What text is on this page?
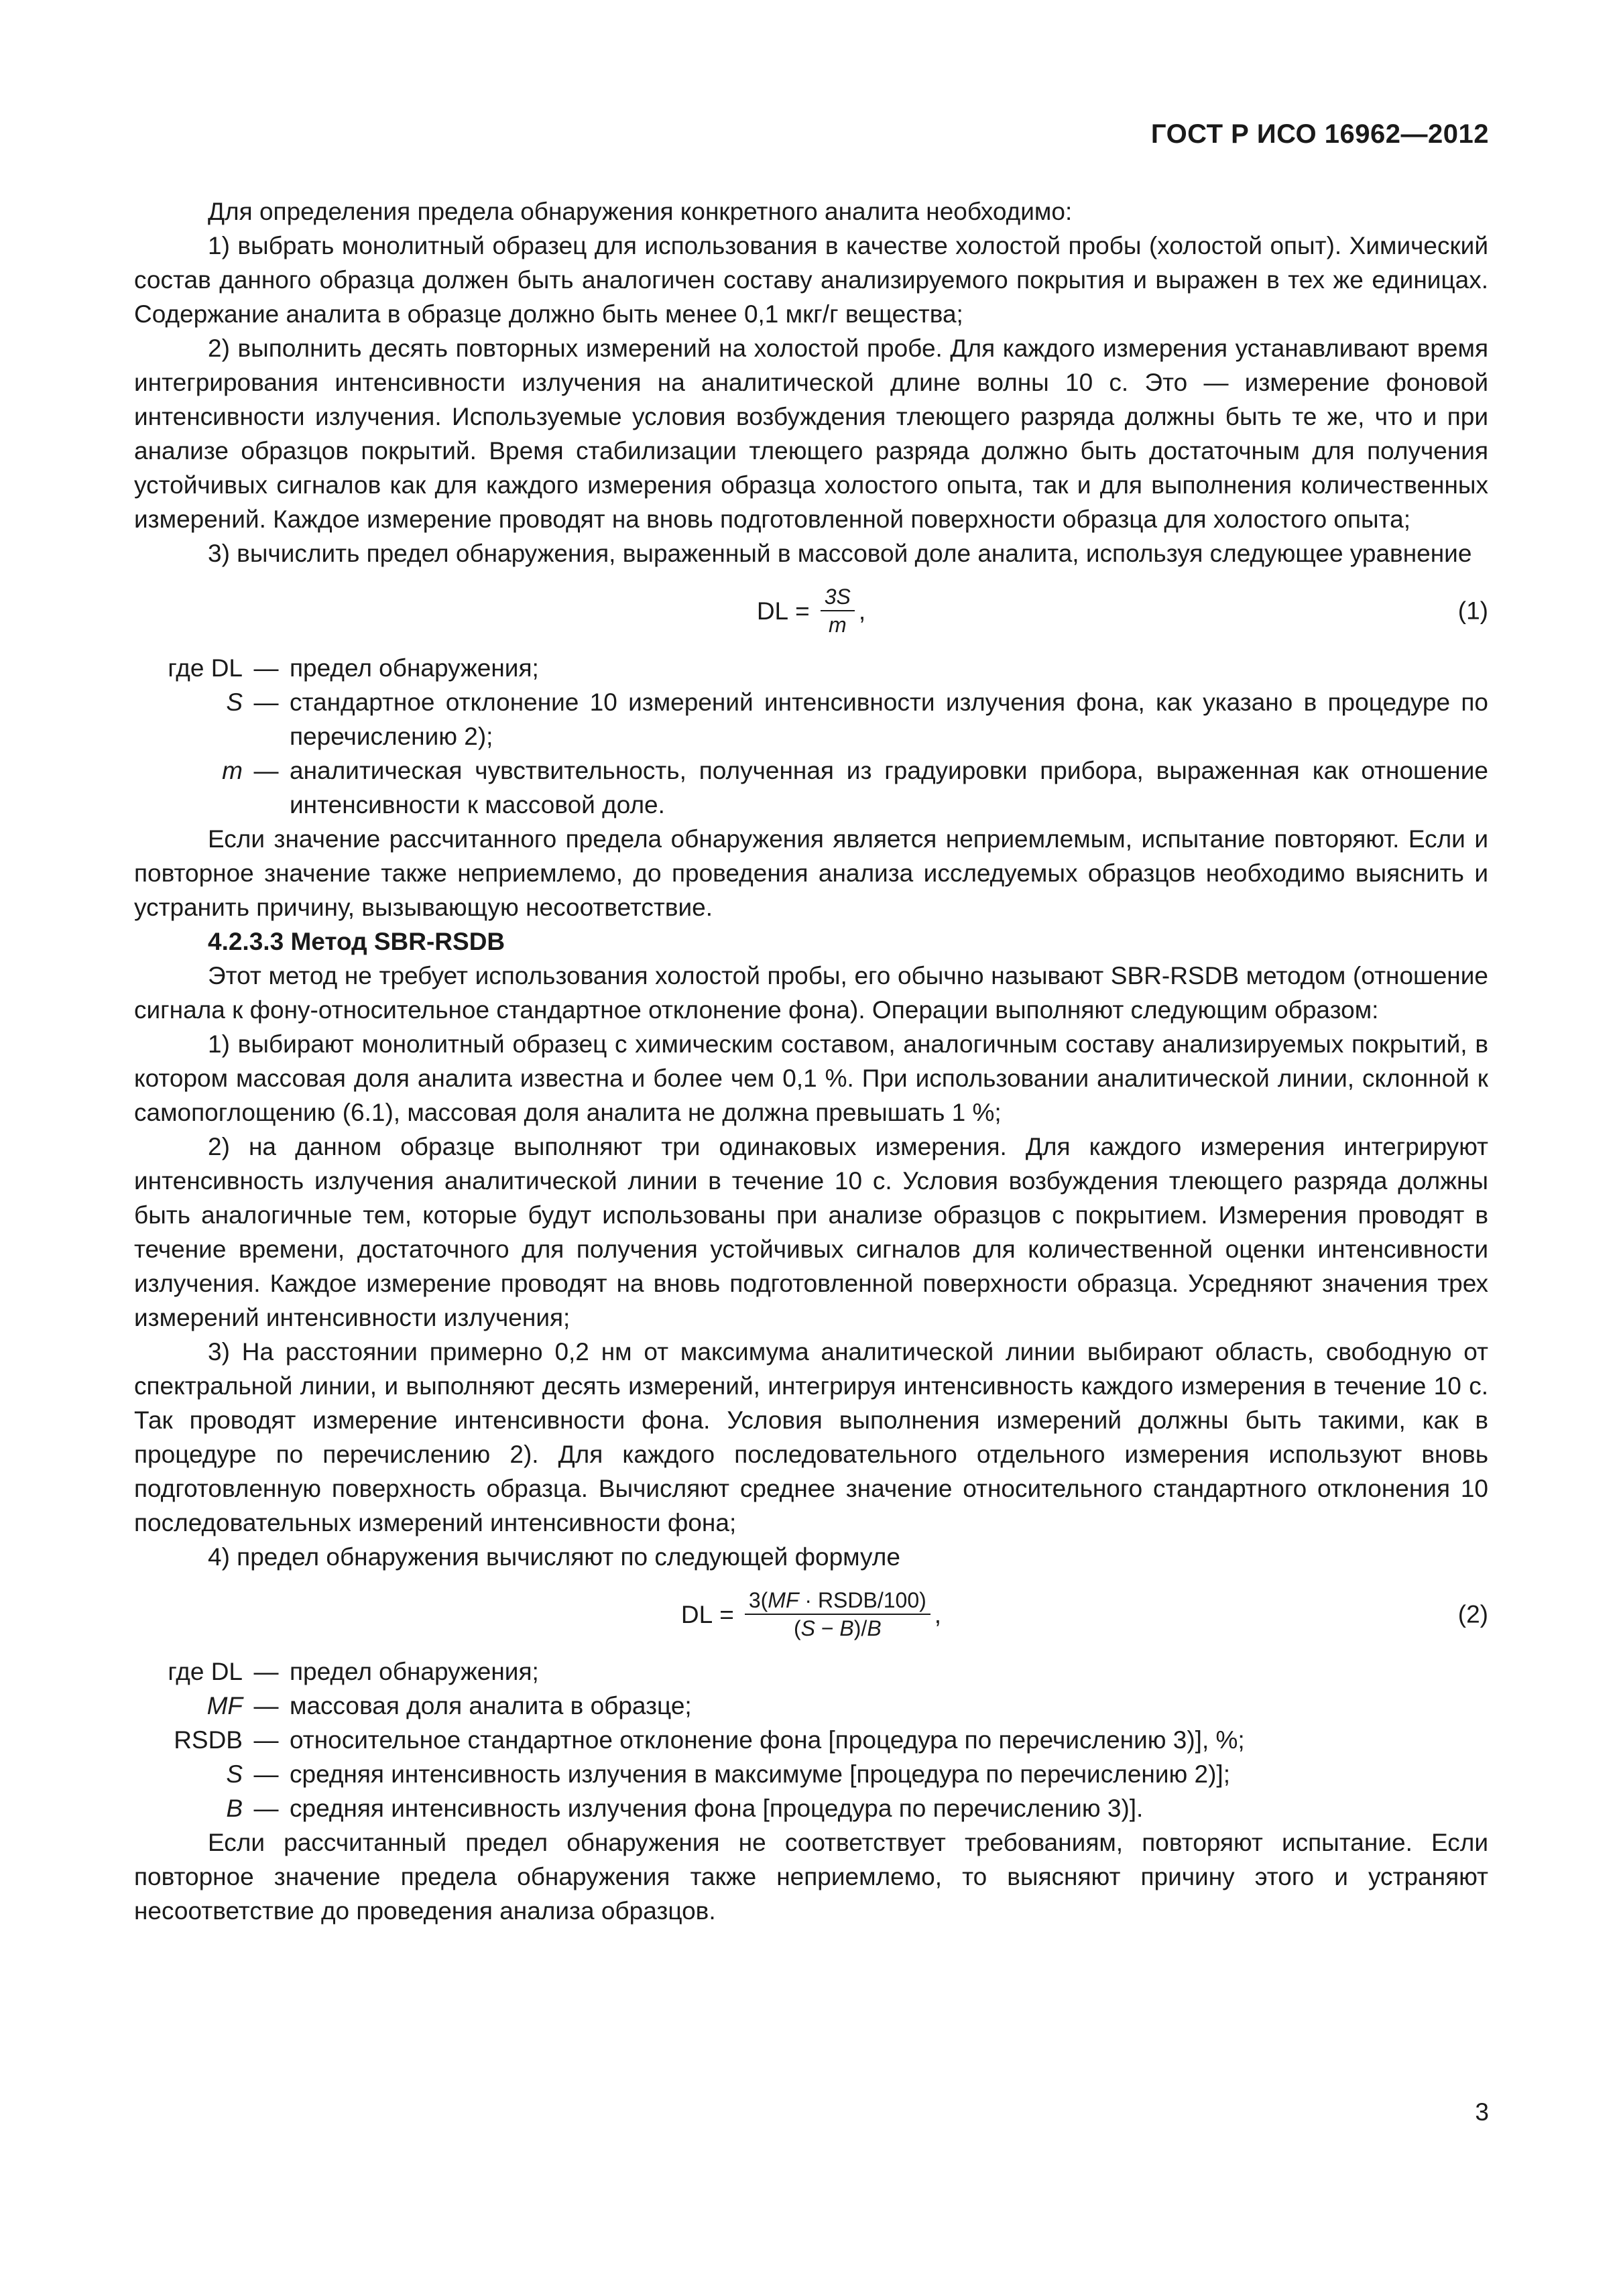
ГОСТ Р ИСО 16962—2012

Для определения предела обнаружения конкретного аналита необходимо:

1) выбрать монолитный образец для использования в качестве холостой пробы (холостой опыт). Химический состав данного образца должен быть аналогичен составу анализируемого покрытия и выражен в тех же единицах. Содержание аналита в образце должно быть менее 0,1 мкг/г вещества;

2) выполнить десять повторных измерений на холостой пробе. Для каждого измерения устанавливают время интегрирования интенсивности излучения на аналитической длине волны 10 с. Это — измерение фоновой интенсивности излучения. Используемые условия возбуждения тлеющего разряда должны быть те же, что и при анализе образцов покрытий. Время стабилизации тлеющего разряда должно быть достаточным для получения устойчивых сигналов как для каждого измерения образца холостого опыта, так и для выполнения количественных измерений. Каждое измерение проводят на вновь подготовленной поверхности образца для холостого опыта;

3) вычислить предел обнаружения, выраженный в массовой доле аналита, используя следующее уравнение

DL = $\frac{3S}{m}$ ,	(1)
где DL — предел обнаружения;
S — стандартное отклонение 10 измерений интенсивности излучения фона, как указано в процедуре по перечислению 2);
m — аналитическая чувствительность, полученная из градуировки прибора, выраженная как отношение интенсивности к массовой доле.

Если значение рассчитанного предела обнаружения является неприемлемым, испытание повторяют. Если и повторное значение также неприемлемо, до проведения анализа исследуемых образцов необходимо выяснить и устранить причину, вызывающую несоответствие.

4.2.3.3 Метод SBR-RSDB

Этот метод не требует использования холостой пробы, его обычно называют SBR-RSDB методом (отношение сигнала к фону-относительное стандартное отклонение фона). Операции выполняют следующим образом:

1) выбирают монолитный образец с химическим составом, аналогичным составу анализируемых покрытий, в котором массовая доля аналита известна и более чем 0,1 %. При использовании аналитической линии, склонной к самопоглощению (6.1), массовая доля аналита не должна превышать 1 %;

2) на данном образце выполняют три одинаковых измерения. Для каждого измерения интегрируют интенсивность излучения аналитической линии в течение 10 с. Условия возбуждения тлеющего разряда должны быть аналогичные тем, которые будут использованы при анализе образцов с покрытием. Измерения проводят в течение времени, достаточного для получения устойчивых сигналов для количественной оценки интенсивности излучения. Каждое измерение проводят на вновь подготовленной поверхности образца. Усредняют значения трех измерений интенсивности излучения;

3) На расстоянии примерно 0,2 нм от максимума аналитической линии выбирают область, свободную от спектральной линии, и выполняют десять измерений, интегрируя интенсивность каждого измерения в течение 10 с. Так проводят измерение интенсивности фона. Условия выполнения измерений должны быть такими, как в процедуре по перечислению 2). Для каждого последовательного отдельного измерения используют вновь подготовленную поверхность образца. Вычисляют среднее значение относительного стандартного отклонения 10 последовательных измерений интенсивности фона;

4) предел обнаружения вычисляют по следующей формуле

DL = $\frac{\text{3(MF · RSDB/100)}}{(S - B)/B}$ ,	(2)
где DL — предел обнаружения;
MF — массовая доля аналита в образце;
RSDB — относительное стандартное отклонение фона [процедура по перечислению 3)], %;
S — средняя интенсивность излучения в максимуме [процедура по перечислению 2)];
B — средняя интенсивность излучения фона [процедура по перечислению 3)].

Если рассчитанный предел обнаружения не соответствует требованиям, повторяют испытание. Если повторное значение предела обнаружения также неприемлемо, то выясняют причину этого и устраняют несоответствие до проведения анализа образцов.

3
